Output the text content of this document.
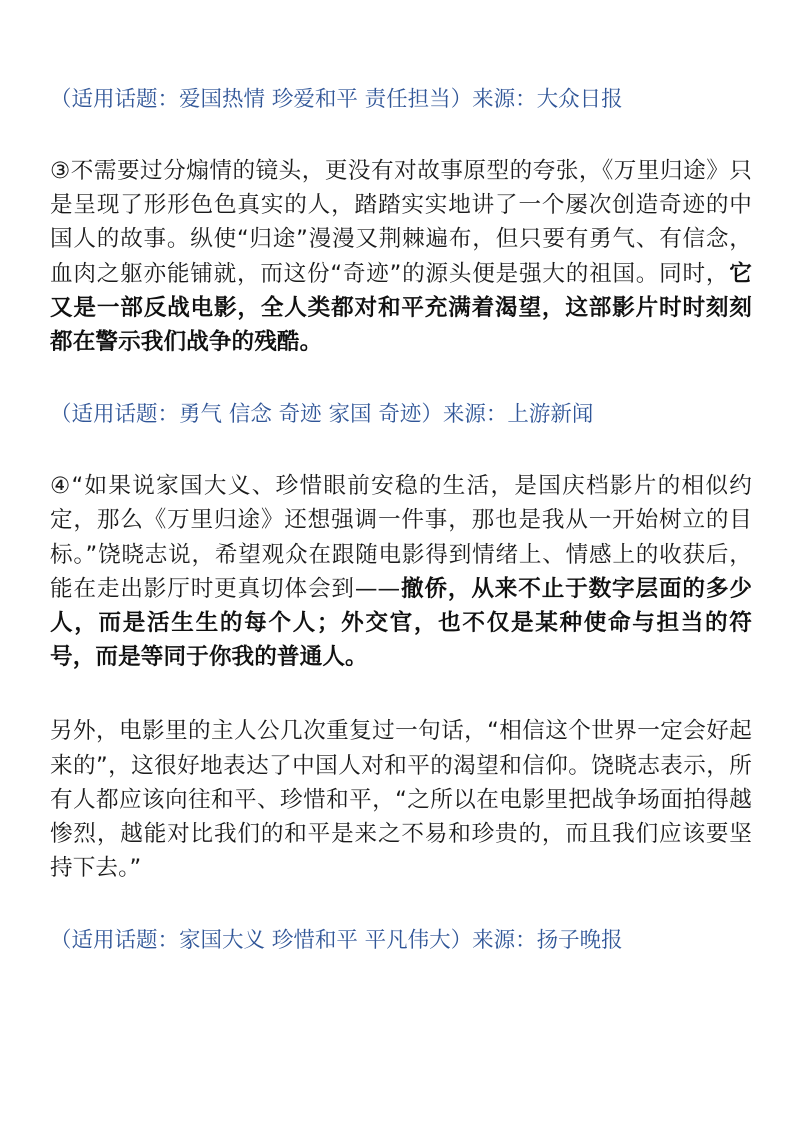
（适用话题：爱国热情 珍爱和平 责任担当）来源：大众日报

③不需要过分煽情的镜头，更没有对故事原型的夸张，《万里归途》只是呈现了形形色色真实的人，踏踏实实地讲了一个屡次创造奇迹的中国人的故事。纵使“归途”漫漫又荆棘遍布，但只要有勇气、有信念，血肉之躯亦能铺就，而这份“奇迹”的源头便是强大的祖国。同时，它又是一部反战电影，全人类都对和平充满着渴望，这部影片时时刻刻都在警示我们战争的残酷。

（适用话题：勇气 信念 奇迹 家国 奇迹）来源：上游新闻

④“如果说家国大义、珍惜眼前安稳的生活，是国庆档影片的相似约定，那么《万里归途》还想强调一件事，那也是我从一开始树立的目标。”饶晓志说，希望观众在跟随电影得到情绪上、情感上的收获后，能在走出影厅时更真切体会到——撤侨，从来不止于数字层面的多少人，而是活生生的每个人；外交官，也不仅是某种使命与担当的符号，而是等同于你我的普通人。

另外，电影里的主人公几次重复过一句话，“相信这个世界一定会好起来的”，这很好地表达了中国人对和平的渴望和信仰。饶晓志表示，所有人都应该向往和平、珍惜和平，“之所以在电影里把战争场面拍得越惨烈，越能对比我们的和平是来之不易和珍贵的，而且我们应该要坚持下去。”

（适用话题：家国大义 珍惜和平 平凡伟大）来源：扬子晚报
